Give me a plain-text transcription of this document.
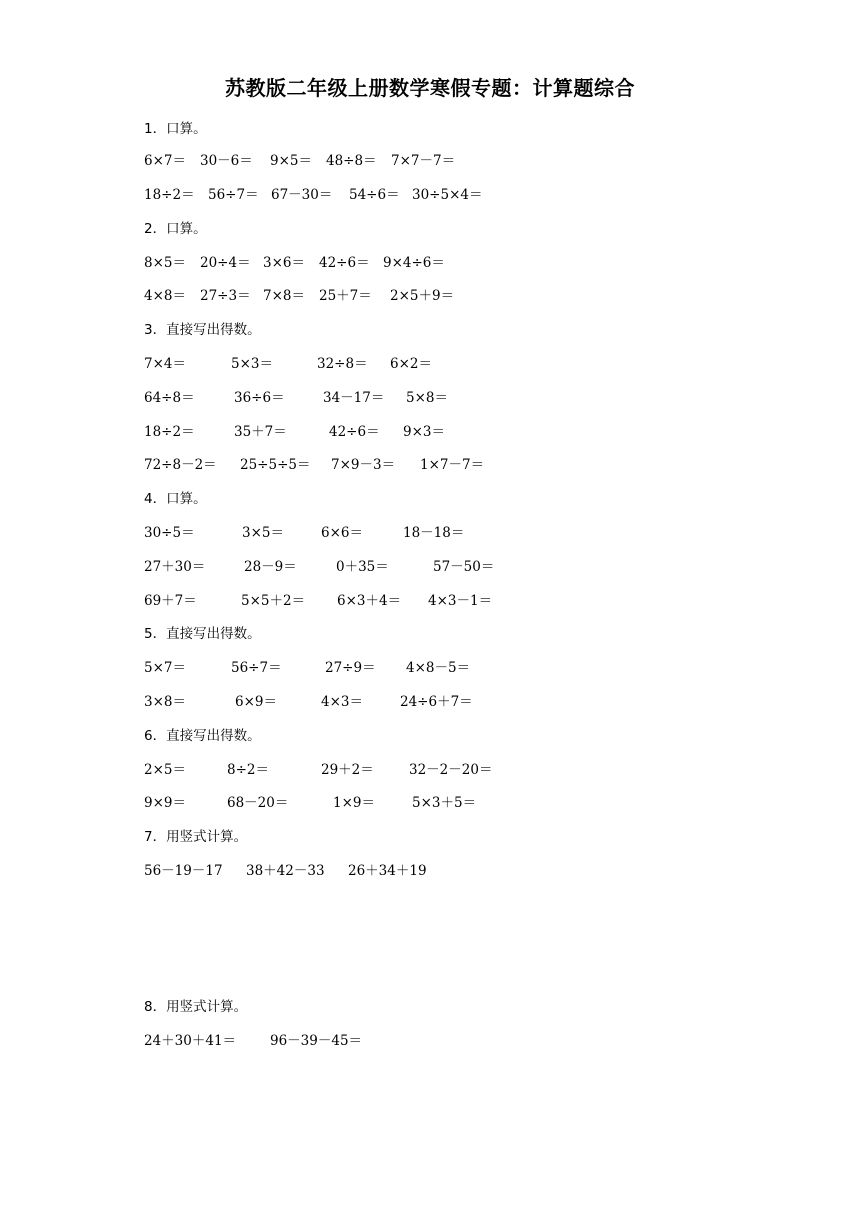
苏教版二年级上册数学寒假专题：计算题综合
1．口算。
6×7＝ 30－6＝ 9×5＝ 48÷8＝ 7×7－7＝
18÷2＝ 56÷7＝ 67－30＝ 54÷6＝ 30÷5×4＝
2．口算。
8×5＝ 20÷4＝ 3×6＝ 42÷6＝ 9×4÷6＝
4×8＝ 27÷3＝ 7×8＝ 25＋7＝ 2×5＋9＝
3．直接写出得数。
7×4＝	5×3＝	32÷8＝ 6×2＝
64÷8＝	36÷6＝	34－17＝ 5×8＝
18÷2＝	35＋7＝	42÷6＝ 9×3＝
72÷8－2＝ 25÷5÷5＝ 7×9－3＝ 1×7－7＝
4．口算。
30÷5＝	3×5＝	6×6＝	18－18＝
27＋30＝	28－9＝	0＋35＝	57－50＝
69＋7＝	5×5＋2＝ 6×3＋4＝ 4×3－1＝
5．直接写出得数。
5×7＝	56÷7＝	27÷9＝ 4×8－5＝
3×8＝	6×9＝	4×3＝	24÷6＋7＝
6．直接写出得数。
2×5＝	8÷2＝	29＋2＝	32－2－20＝
9×9＝	68－20＝	1×9＝	5×3＋5＝
7．用竖式计算。
56－19－17 38＋42－33 26＋34＋19
8．用竖式计算。
24＋30＋41＝	96－39－45＝
